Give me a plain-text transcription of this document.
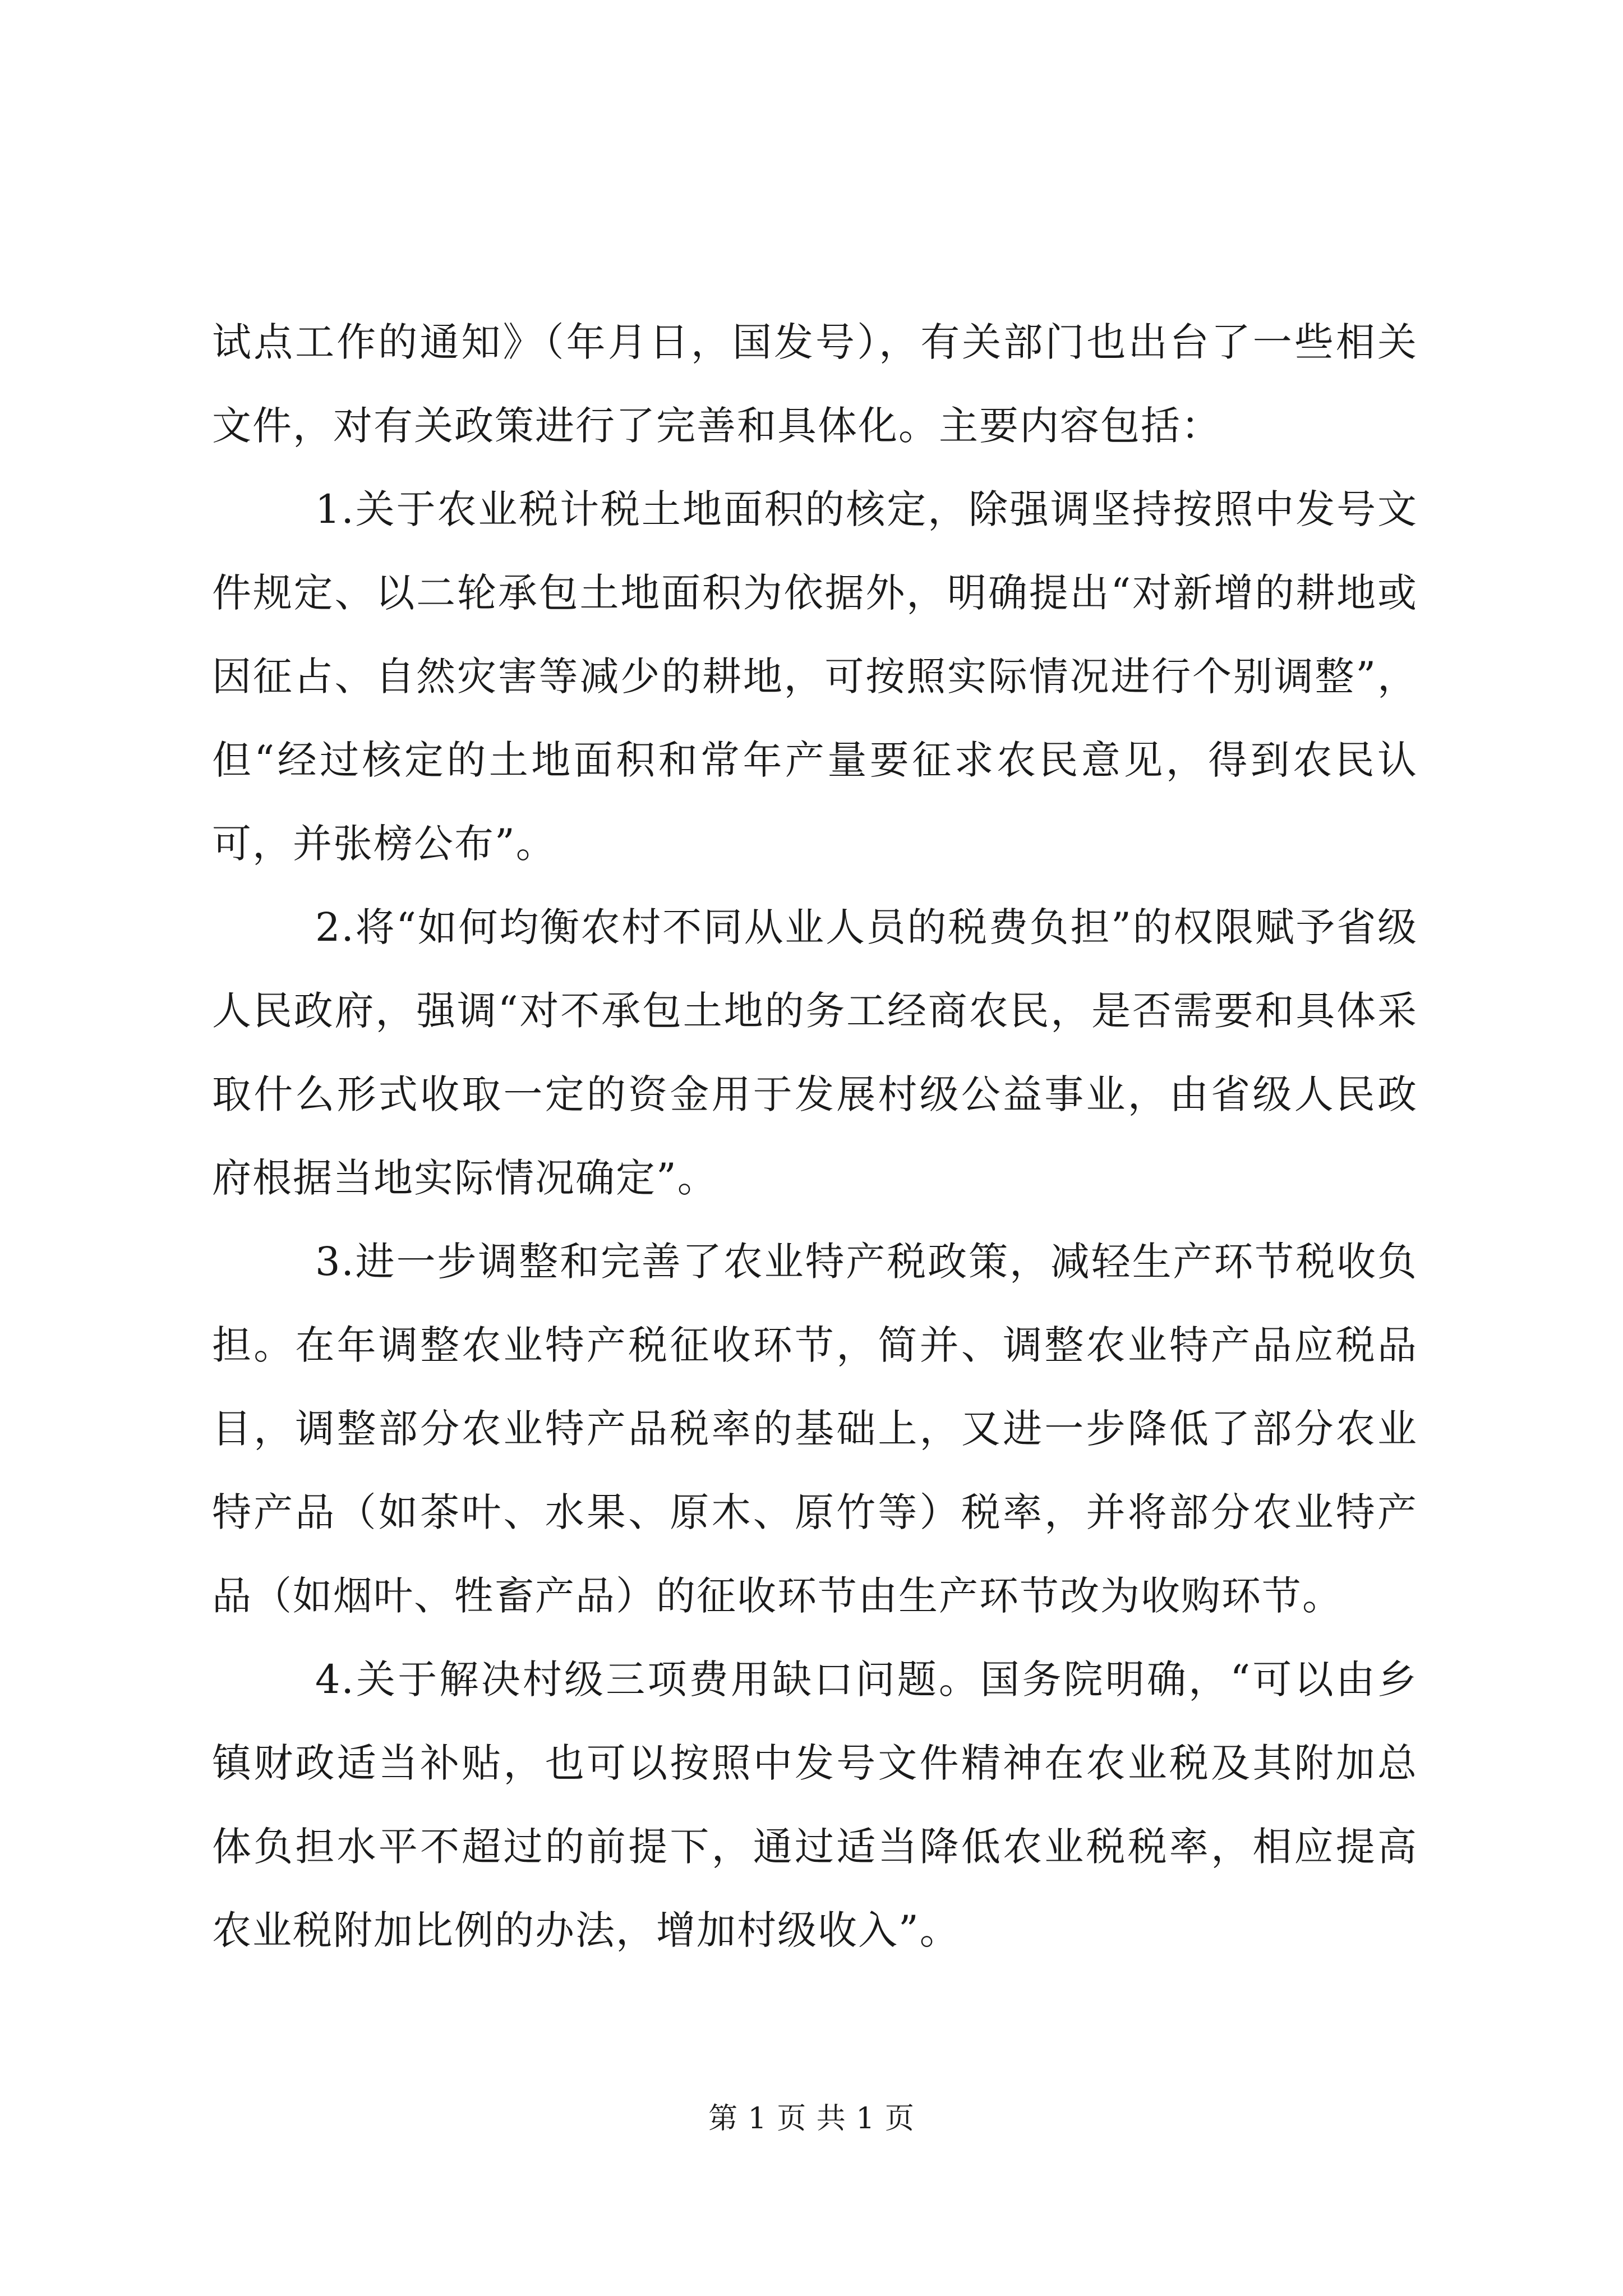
试点工作的通知》（年月日，国发号），有关部门也出台了一些相关文件，对有关政策进行了完善和具体化。主要内容包括：

1.关于农业税计税土地面积的核定，除强调坚持按照中发号文件规定、以二轮承包土地面积为依据外，明确提出“对新增的耕地或因征占、自然灾害等减少的耕地，可按照实际情况进行个别调整”，但“经过核定的土地面积和常年产量要征求农民意见，得到农民认可，并张榜公布”。

2.将“如何均衡农村不同从业人员的税费负担”的权限赋予省级人民政府，强调“对不承包土地的务工经商农民，是否需要和具体采取什么形式收取一定的资金用于发展村级公益事业，由省级人民政府根据当地实际情况确定”。

3.进一步调整和完善了农业特产税政策，减轻生产环节税收负担。在年调整农业特产税征收环节，简并、调整农业特产品应税品目，调整部分农业特产品税率的基础上，又进一步降低了部分农业特产品（如茶叶、水果、原木、原竹等）税率，并将部分农业特产品（如烟叶、牲畜产品）的征收环节由生产环节改为收购环节。

4.关于解决村级三项费用缺口问题。国务院明确，“可以由乡镇财政适当补贴，也可以按照中发号文件精神在农业税及其附加总体负担水平不超过的前提下，通过适当降低农业税税率，相应提高农业税附加比例的办法，增加村级收入”。

第 1 页 共 1 页
